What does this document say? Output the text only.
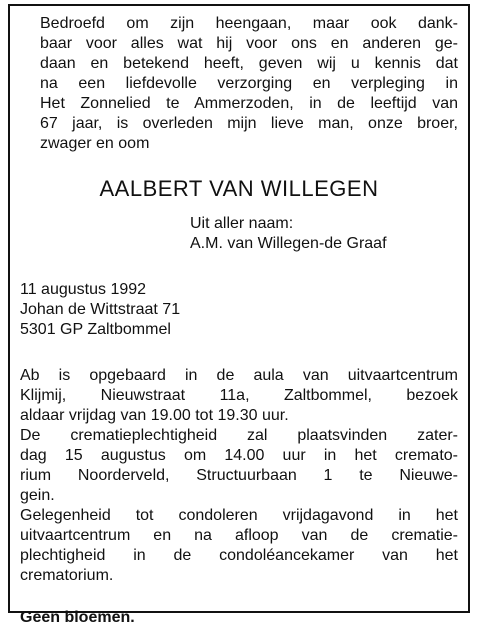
Bedroefd om zijn heengaan, maar ook dank-
baar voor alles wat hij voor ons en anderen ge-
daan en betekend heeft, geven wij u kennis dat
na een liefdevolle verzorging en verpleging in
Het Zonnelied te Ammerzoden, in de leeftijd van
67 jaar, is overleden mijn lieve man, onze broer,
zwager en oom

AALBERT VAN WILLEGEN
Uit aller naam:
A.M. van Willegen-de Graaf
11 augustus 1992
Johan de Wittstraat 71
5301 GP Zaltbommel

Ab is opgebaard in de aula van uitvaartcentrum
Klijmij, Nieuwstraat 11a, Zaltbommel, bezoek
aldaar vrijdag van 19.00 tot 19.30 uur.

De crematieplechtigheid zal plaatsvinden zater-
dag 15 augustus om 14.00 uur in het cremato-
rium Noorderveld, Structuurbaan 1 te Nieuwe-
gein.

Gelegenheid tot condoleren vrijdagavond in het
uitvaartcentrum en na afloop van de crematie-
plechtigheid in de condoléancekamer van het
crematorium.

Geen bloemen.
